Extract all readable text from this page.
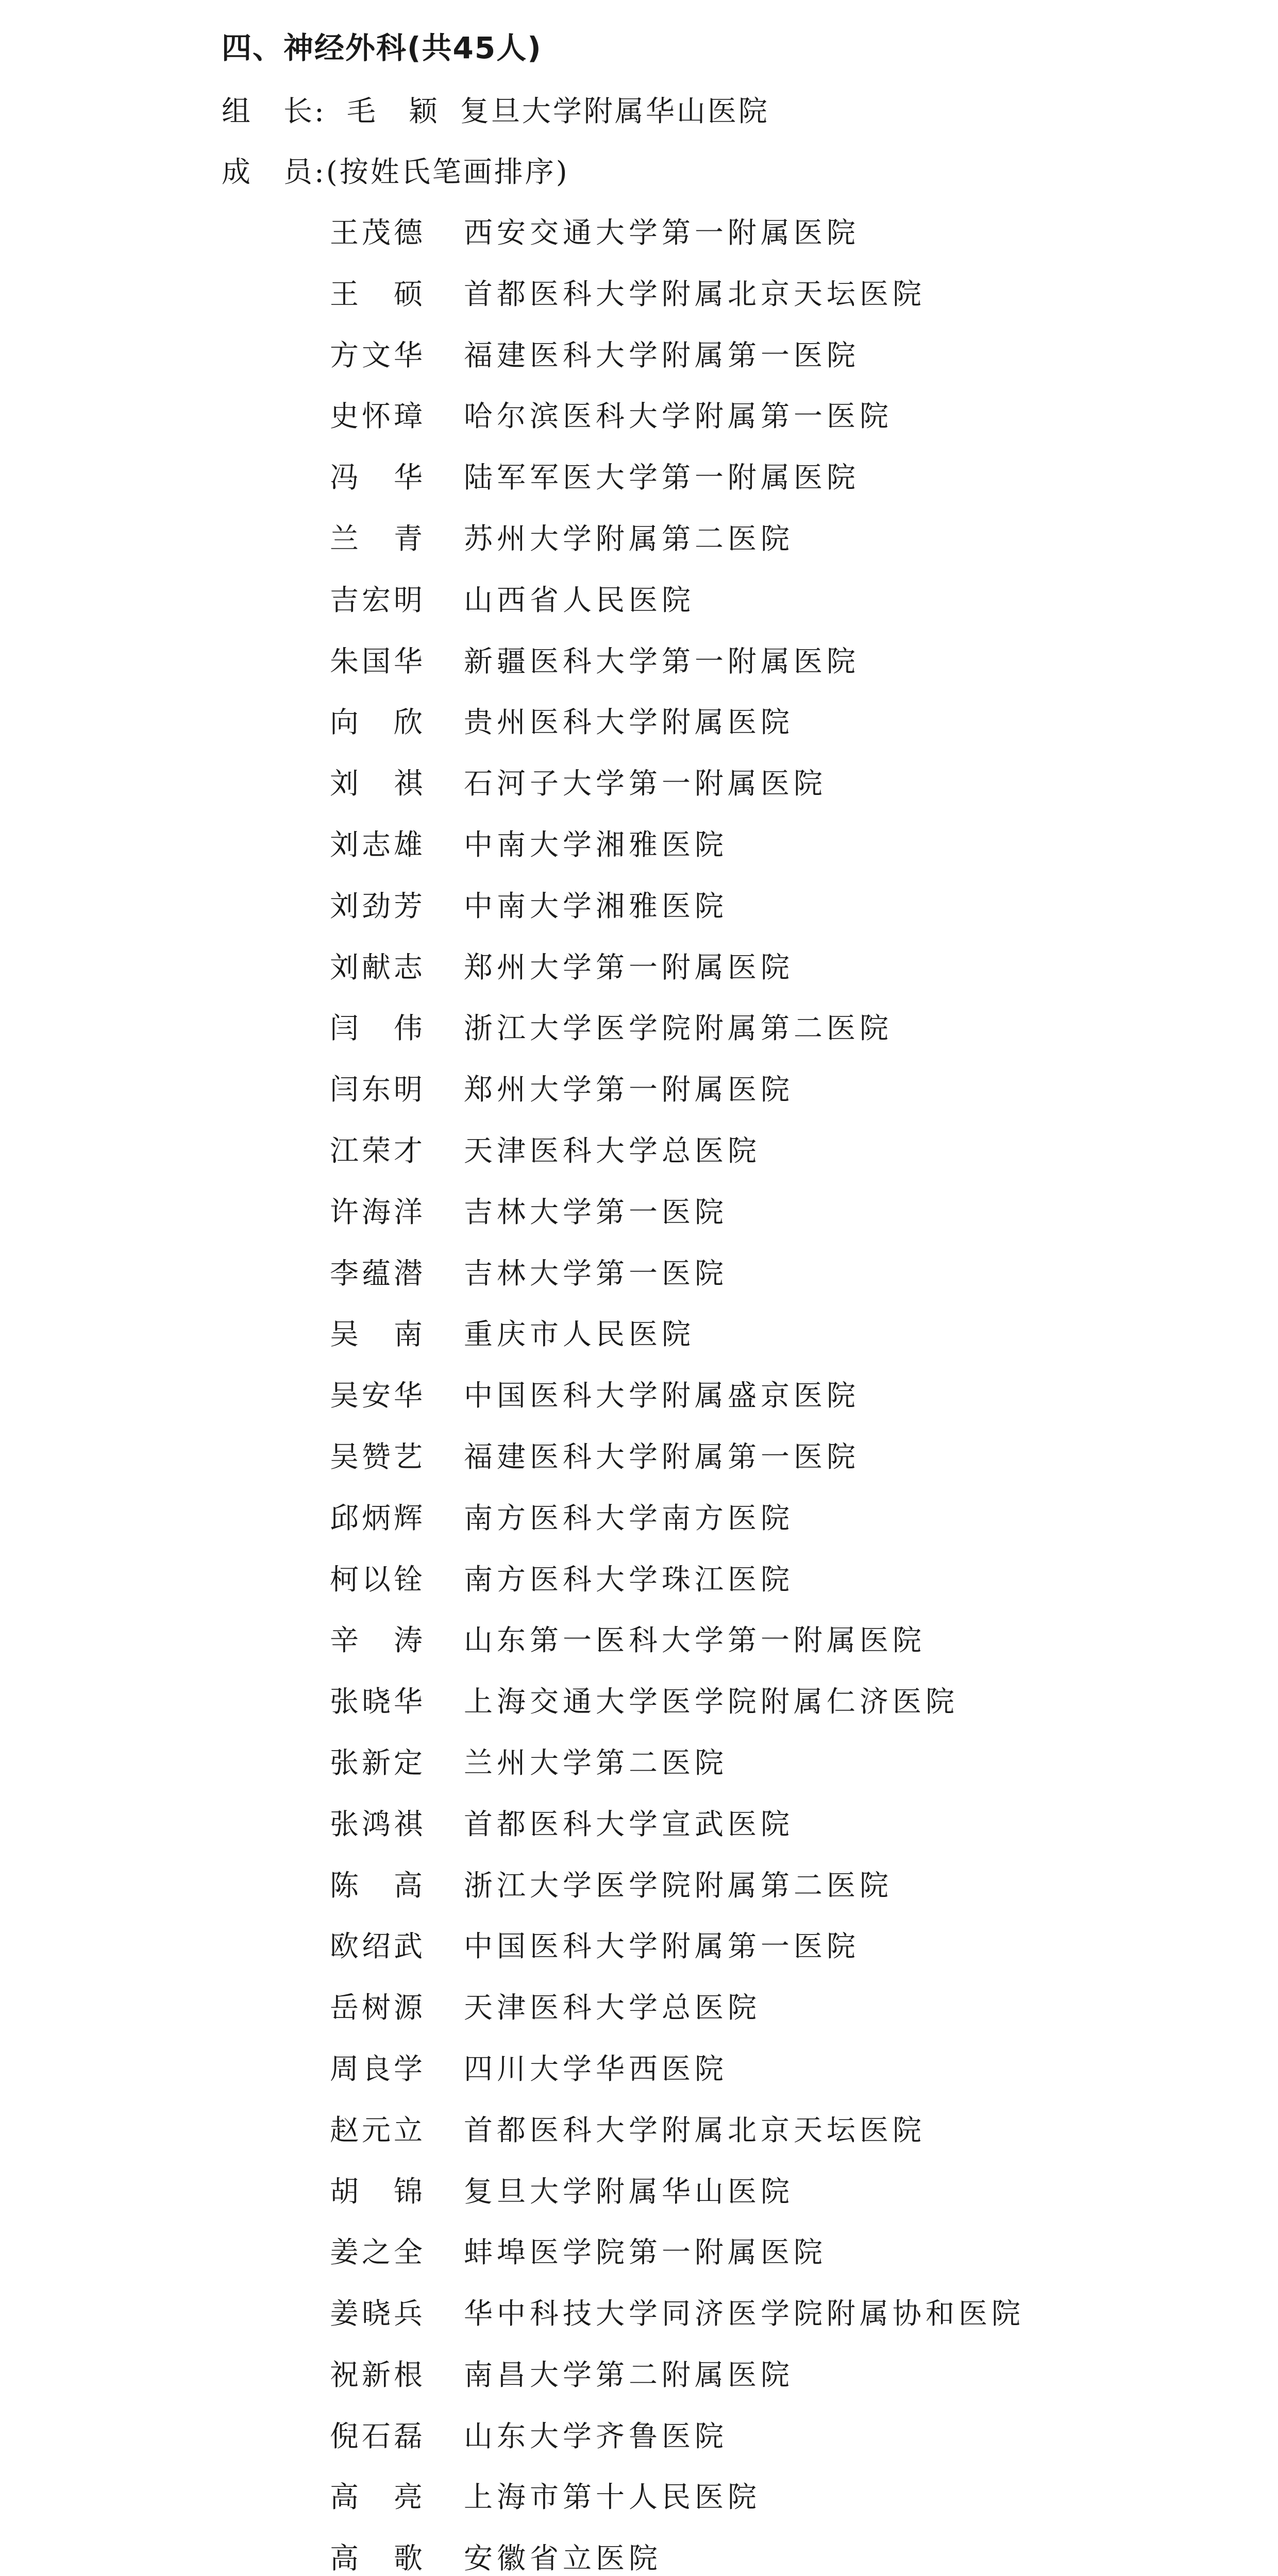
四、神经外科(共45人)
组　长: 毛　颖 复旦大学附属华山医院
成　员:(按姓氏笔画排序)
王茂德	西安交通大学第一附属医院
王　硕	首都医科大学附属北京天坛医院
方文华	福建医科大学附属第一医院
史怀璋	哈尔滨医科大学附属第一医院
冯　华	陆军军医大学第一附属医院
兰　青	苏州大学附属第二医院
吉宏明	山西省人民医院
朱国华	新疆医科大学第一附属医院
向　欣	贵州医科大学附属医院
刘　祺	石河子大学第一附属医院
刘志雄	中南大学湘雅医院
刘劲芳	中南大学湘雅医院
刘献志	郑州大学第一附属医院
闫　伟	浙江大学医学院附属第二医院
闫东明	郑州大学第一附属医院
江荣才	天津医科大学总医院
许海洋	吉林大学第一医院
李蕴潜	吉林大学第一医院
吴　南	重庆市人民医院
吴安华	中国医科大学附属盛京医院
吴赞艺	福建医科大学附属第一医院
邱炳辉	南方医科大学南方医院
柯以铨	南方医科大学珠江医院
辛　涛	山东第一医科大学第一附属医院
张晓华	上海交通大学医学院附属仁济医院
张新定	兰州大学第二医院
张鸿祺	首都医科大学宣武医院
陈　高	浙江大学医学院附属第二医院
欧绍武	中国医科大学附属第一医院
岳树源	天津医科大学总医院
周良学	四川大学华西医院
赵元立	首都医科大学附属北京天坛医院
胡　锦	复旦大学附属华山医院
姜之全	蚌埠医学院第一附属医院
姜晓兵	华中科技大学同济医学院附属协和医院
祝新根	南昌大学第二附属医院
倪石磊	山东大学齐鲁医院
高　亮	上海市第十人民医院
高　歌	安徽省立医院
